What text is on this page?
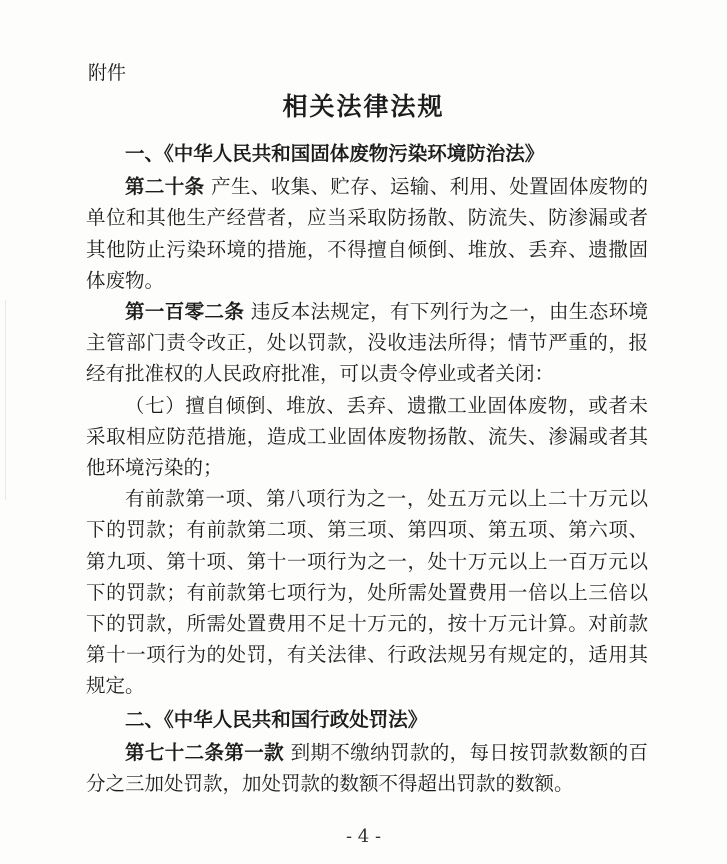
附件
相关法律法规
一、《中华人民共和国固体废物污染环境防治法》

第二十条 产生、收集、贮存、运输、利用、处置固体废物的单位和其他生产经营者，应当采取防扬散、防流失、防渗漏或者其他防止污染环境的措施，不得擅自倾倒、堆放、丢弃、遗撒固体废物。

第一百零二条 违反本法规定，有下列行为之一，由生态环境主管部门责令改正，处以罚款，没收违法所得；情节严重的，报经有批准权的人民政府批准，可以责令停业或者关闭：

（七）擅自倾倒、堆放、丢弃、遗撒工业固体废物，或者未采取相应防范措施，造成工业固体废物扬散、流失、渗漏或者其他环境污染的；

有前款第一项、第八项行为之一，处五万元以上二十万元以下的罚款；有前款第二项、第三项、第四项、第五项、第六项、第九项、第十项、第十一项行为之一，处十万元以上一百万元以下的罚款；有前款第七项行为，处所需处置费用一倍以上三倍以下的罚款，所需处置费用不足十万元的，按十万元计算。对前款第十一项行为的处罚，有关法律、行政法规另有规定的，适用其规定。

二、《中华人民共和国行政处罚法》

第七十二条第一款 到期不缴纳罚款的，每日按罚款数额的百分之三加处罚款，加处罚款的数额不得超出罚款的数额。

- 4 -
